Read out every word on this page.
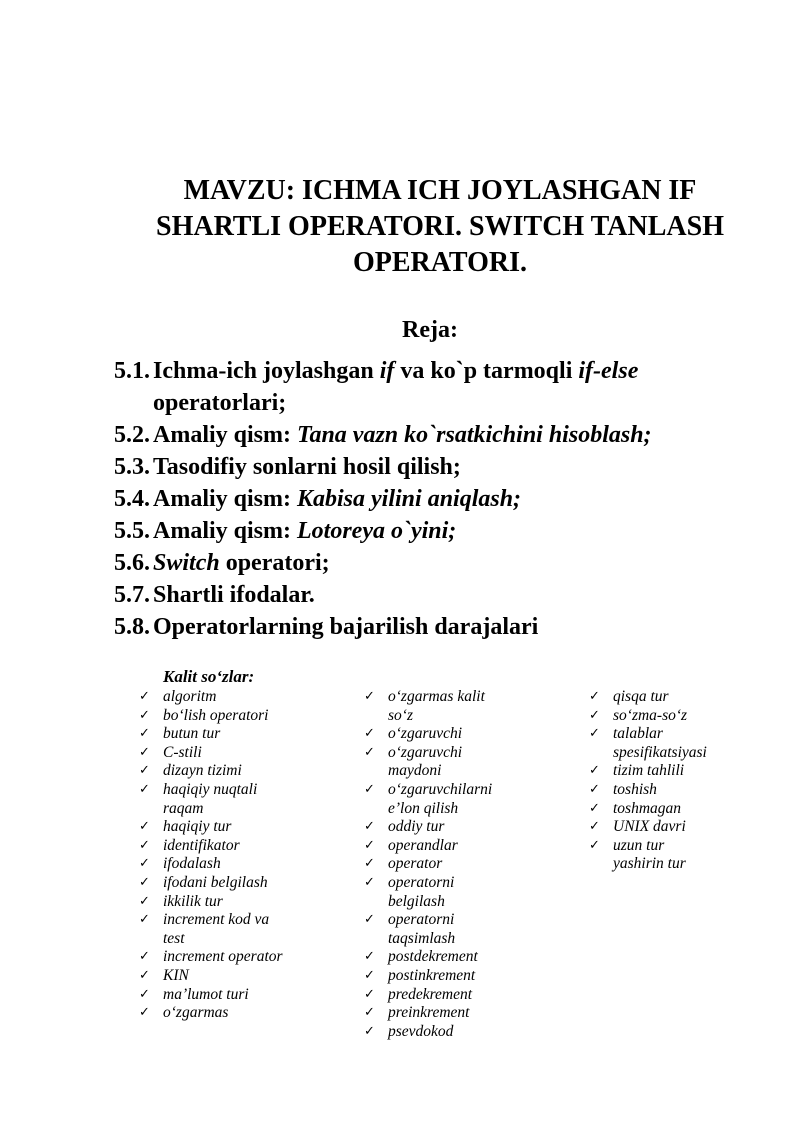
MAVZU: ICHMA ICH JOYLASHGAN IF
SHARTLI OPERATORI. SWITCH TANLASH
OPERATORI.
Reja:
5.1. Ichma-ich joylashgan if va ko`p tarmoqli if-else operatorlari;
5.2. Amaliy qism: Tana vazn ko`rsatkichini hisoblash;
5.3. Tasodifiy sonlarni hosil qilish;
5.4. Amaliy qism: Kabisa yilini aniqlash;
5.5. Amaliy qism: Lotoreya o`yini;
5.6. Switch operatori;
5.7. Shartli ifodalar.
5.8. Operatorlarning bajarilish darajalari
Kalit so‘zlar:
✓ algoritm
✓ bo‘lish operatori
✓ butun tur
✓ C-stili
✓ dizayn tizimi
✓ haqiqiy nuqtali
raqam
✓ haqiqiy tur
✓ identifikator
✓ ifodalash
✓ ifodani belgilash
✓ ikkilik tur
✓ increment kod va
test
✓ increment operator
✓ KIN
✓ ma’lumot turi
✓ o‘zgarmas
✓ o‘zgarmas kalit
so‘z
✓ o‘zgaruvchi
✓ o‘zgaruvchi
maydoni
✓ o‘zgaruvchilarni
e’lon qilish
✓ oddiy tur
✓ operandlar
✓ operator
✓ operatorni
belgilash
✓ operatorni
taqsimlash
✓ postdekrement
✓ postinkrement
✓ predekrement
✓ preinkrement
✓ psevdokod
✓ qisqa tur
✓ so‘zma-so‘z
✓ talablar
spesifikatsiyasi
✓ tizim tahlili
✓ toshish
✓ toshmagan
✓ UNIX davri
✓ uzun tur
yashirin tur
